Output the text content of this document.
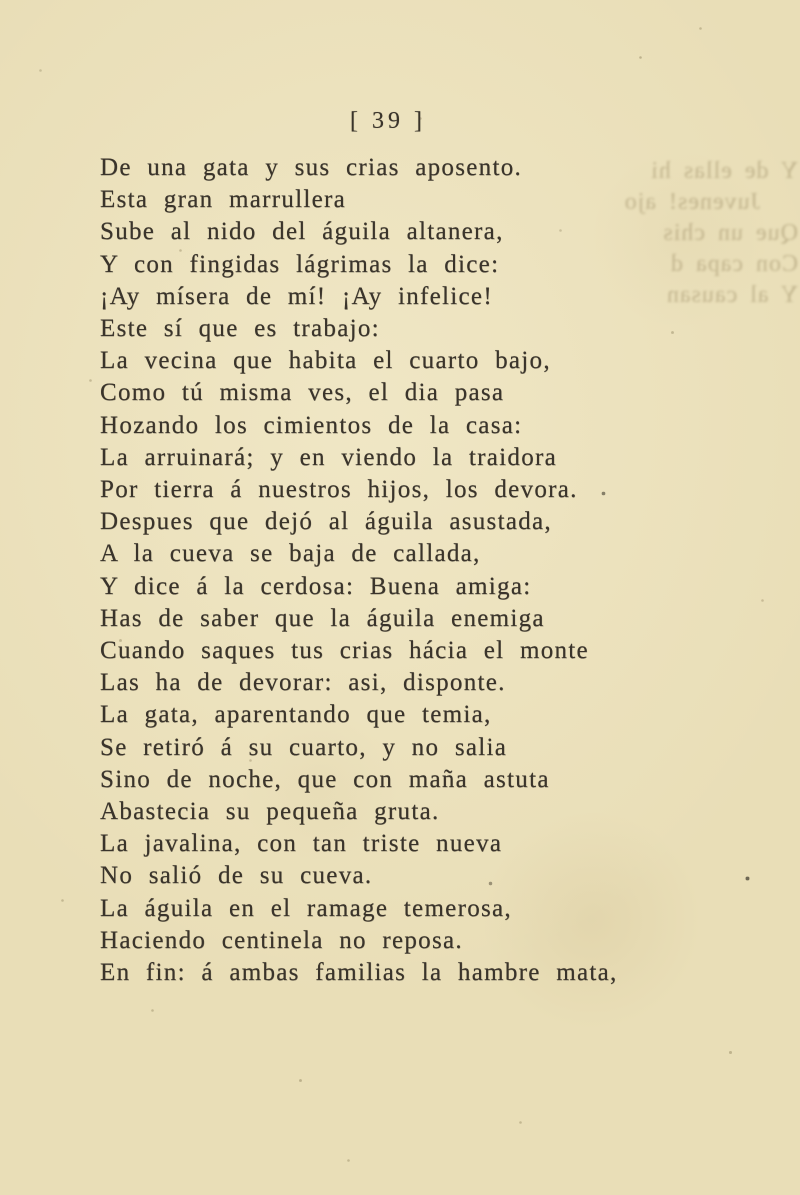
Y de ellas hi
Juvenes! ajo
Que un chis
Con capa d
Y al causan
[ 39 ]
De una gata y sus crias aposento.
Esta gran marrullera
Sube al nido del águila altanera,
Y con fingidas lágrimas la dice:
¡Ay mísera de mí! ¡Ay infelice!
Este sí que es trabajo:
La vecina que habita el cuarto bajo,
Como tú misma ves, el dia pasa
Hozando los cimientos de la casa:
La arruinará; y en viendo la traidora
Por tierra á nuestros hijos, los devora.
Despues que dejó al águila asustada,
A la cueva se baja de callada,
Y dice á la cerdosa: Buena amiga:
Has de saber que la águila enemiga
Cuando saques tus crias hácia el monte
Las ha de devorar: asi, disponte.
La gata, aparentando que temia,
Se retiró á su cuarto, y no salia
Sino de noche, que con maña astuta
Abastecia su pequeña gruta.
La javalina, con tan triste nueva
No salió de su cueva.
La águila en el ramage temerosa,
Haciendo centinela no reposa.
En fin: á ambas familias la hambre mata,
